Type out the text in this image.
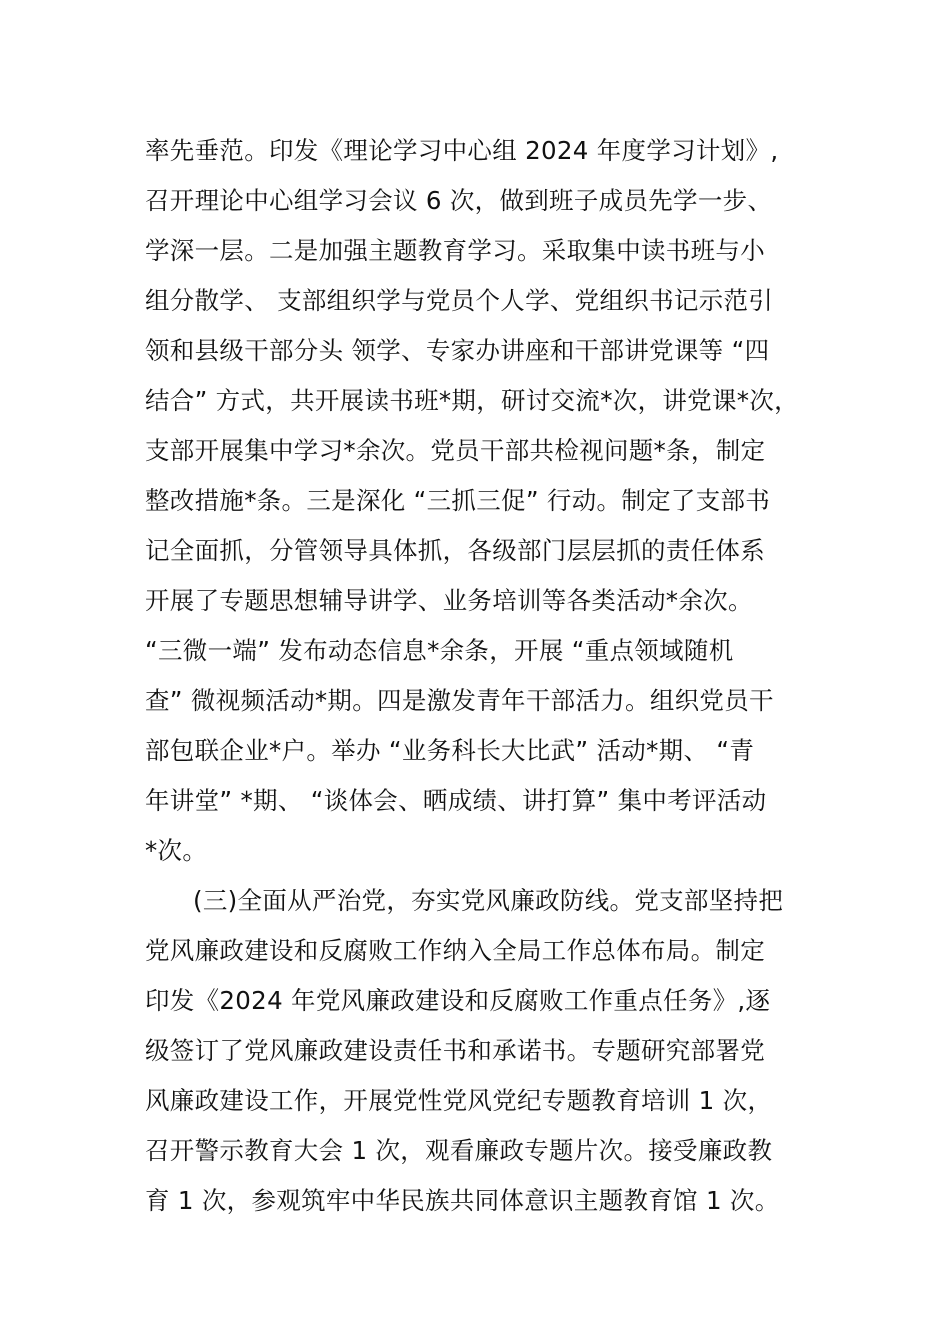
率先垂范。印发《理论学习中心组 2024 年度学习计划》,
召开理论中心组学习会议 6 次，做到班子成员先学一步、
学深一层。二是加强主题教育学习。采取集中读书班与小
组分散学、 支部组织学与党员个人学、党组织书记示范引
领和县级干部分头 领学、专家办讲座和干部讲党课等 “四
结合” 方式，共开展读书班*期，研讨交流*次，讲党课*次，
支部开展集中学习*余次。党员干部共检视问题*条，制定
整改措施*条。三是深化 “三抓三促” 行动。制定了支部书
记全面抓，分管领导具体抓，各级部门层层抓的责任体系
开展了专题思想辅导讲学、业务培训等各类活动*余次。
“三微一端” 发布动态信息*余条，开展 “重点领域随机
查” 微视频活动*期。四是激发青年干部活力。组织党员干
部包联企业*户。举办 “业务科长大比武” 活动*期、 “青
年讲堂” *期、 “谈体会、晒成绩、讲打算” 集中考评活动
*次。
(三)全面从严治党，夯实党风廉政防线。党支部坚持把
党风廉政建设和反腐败工作纳入全局工作总体布局。制定
印发《2024 年党风廉政建设和反腐败工作重点任务》,逐
级签订了党风廉政建设责任书和承诺书。专题研究部署党
风廉政建设工作，开展党性党风党纪专题教育培训 1 次，
召开警示教育大会 1 次，观看廉政专题片次。接受廉政教
育 1 次，参观筑牢中华民族共同体意识主题教育馆 1 次。
